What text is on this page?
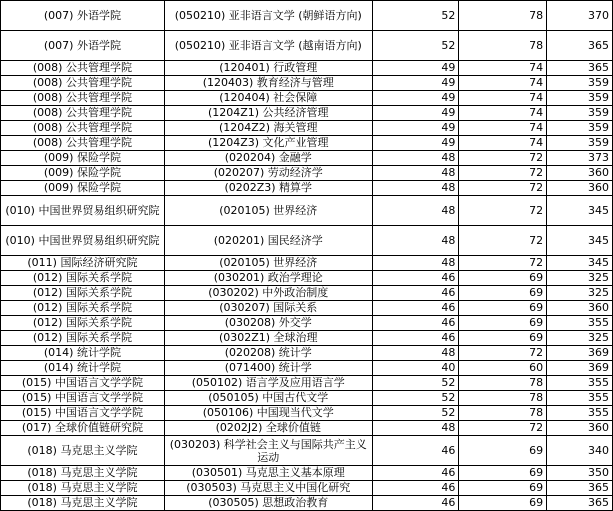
(007) 外语学院	(050210) 亚非语言文学 (朝鲜语方向)	52	78	370
(007) 外语学院	(050210) 亚非语言文学 (越南语方向)	52	78	365
(008) 公共管理学院	(120401) 行政管理	49	74	365
(008) 公共管理学院	(120403) 教育经济与管理	49	74	359
(008) 公共管理学院	(120404) 社会保障	49	74	359
(008) 公共管理学院	(1204Z1) 公共经济管理	49	74	359
(008) 公共管理学院	(1204Z2) 海关管理	49	74	359
(008) 公共管理学院	(1204Z3) 文化产业管理	49	74	359
(009) 保险学院	(020204) 金融学	48	72	373
(009) 保险学院	(020207) 劳动经济学	48	72	360
(009) 保险学院	(0202Z3) 精算学	48	72	360
(010) 中国世界贸易组织研究院	(020105) 世界经济	48	72	345
(010) 中国世界贸易组织研究院	(020201) 国民经济学	48	72	345
(011) 国际经济研究院	(020105) 世界经济	48	72	345
(012) 国际关系学院	(030201) 政治学理论	46	69	325
(012) 国际关系学院	(030202) 中外政治制度	46	69	325
(012) 国际关系学院	(030207) 国际关系	46	69	360
(012) 国际关系学院	(030208) 外交学	46	69	355
(012) 国际关系学院	(0302Z1) 全球治理	46	69	325
(014) 统计学院	(020208) 统计学	48	72	369
(014) 统计学院	(071400) 统计学	40	60	369
(015) 中国语言文学学院	(050102) 语言学及应用语言学	52	78	355
(015) 中国语言文学学院	(050105) 中国古代文学	52	78	355
(015) 中国语言文学学院	(050106) 中国现当代文学	52	78	355
(017) 全球价值链研究院	(0202J2) 全球价值链	48	72	360
(018) 马克思主义学院	(030203) 科学社会主义与国际共产主义运动	46	69	340
(018) 马克思主义学院	(030501) 马克思主义基本原理	46	69	350
(018) 马克思主义学院	(030503) 马克思主义中国化研究	46	69	365
(018) 马克思主义学院	(030505) 思想政治教育	46	69	365
